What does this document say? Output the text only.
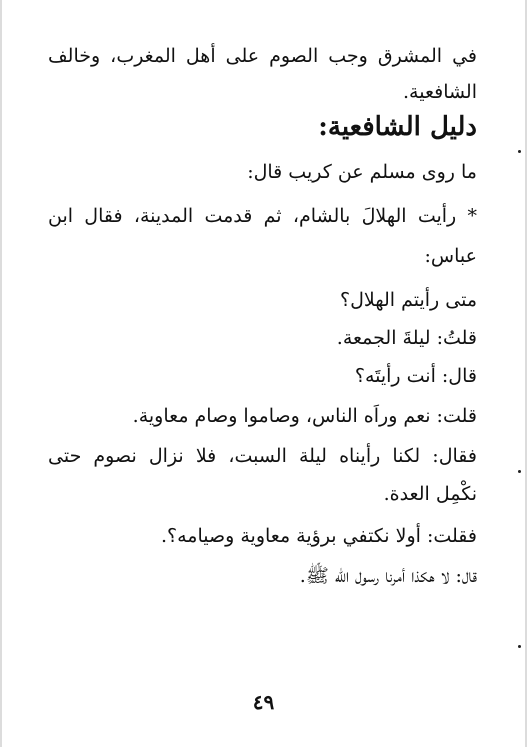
في المشرق وجب الصوم على أهل المغرب، وخالف
الشافعية.
دليل الشافعية:
ما روى مسلم عن كريب قال:
* رأيت الهلالَ بالشام، ثم قدمت المدينة، فقال ابن
عباس:
متى رأيتم الهلال؟
قلتُ: ليلةَ الجمعة.
قال: أنت رأيتَه؟
قلت: نعم وراَه الناس، وصاموا وصام معاوية.
فقال: لكنا رأيناه ليلة السبت، فلا نزال نصوم حتى
نكْمِل العدة.
فقلت: أولا نكتفي برؤية معاوية وصيامه؟.
قال: لا هكذا أمرنا رسول الله ﷺ.
٤٩
